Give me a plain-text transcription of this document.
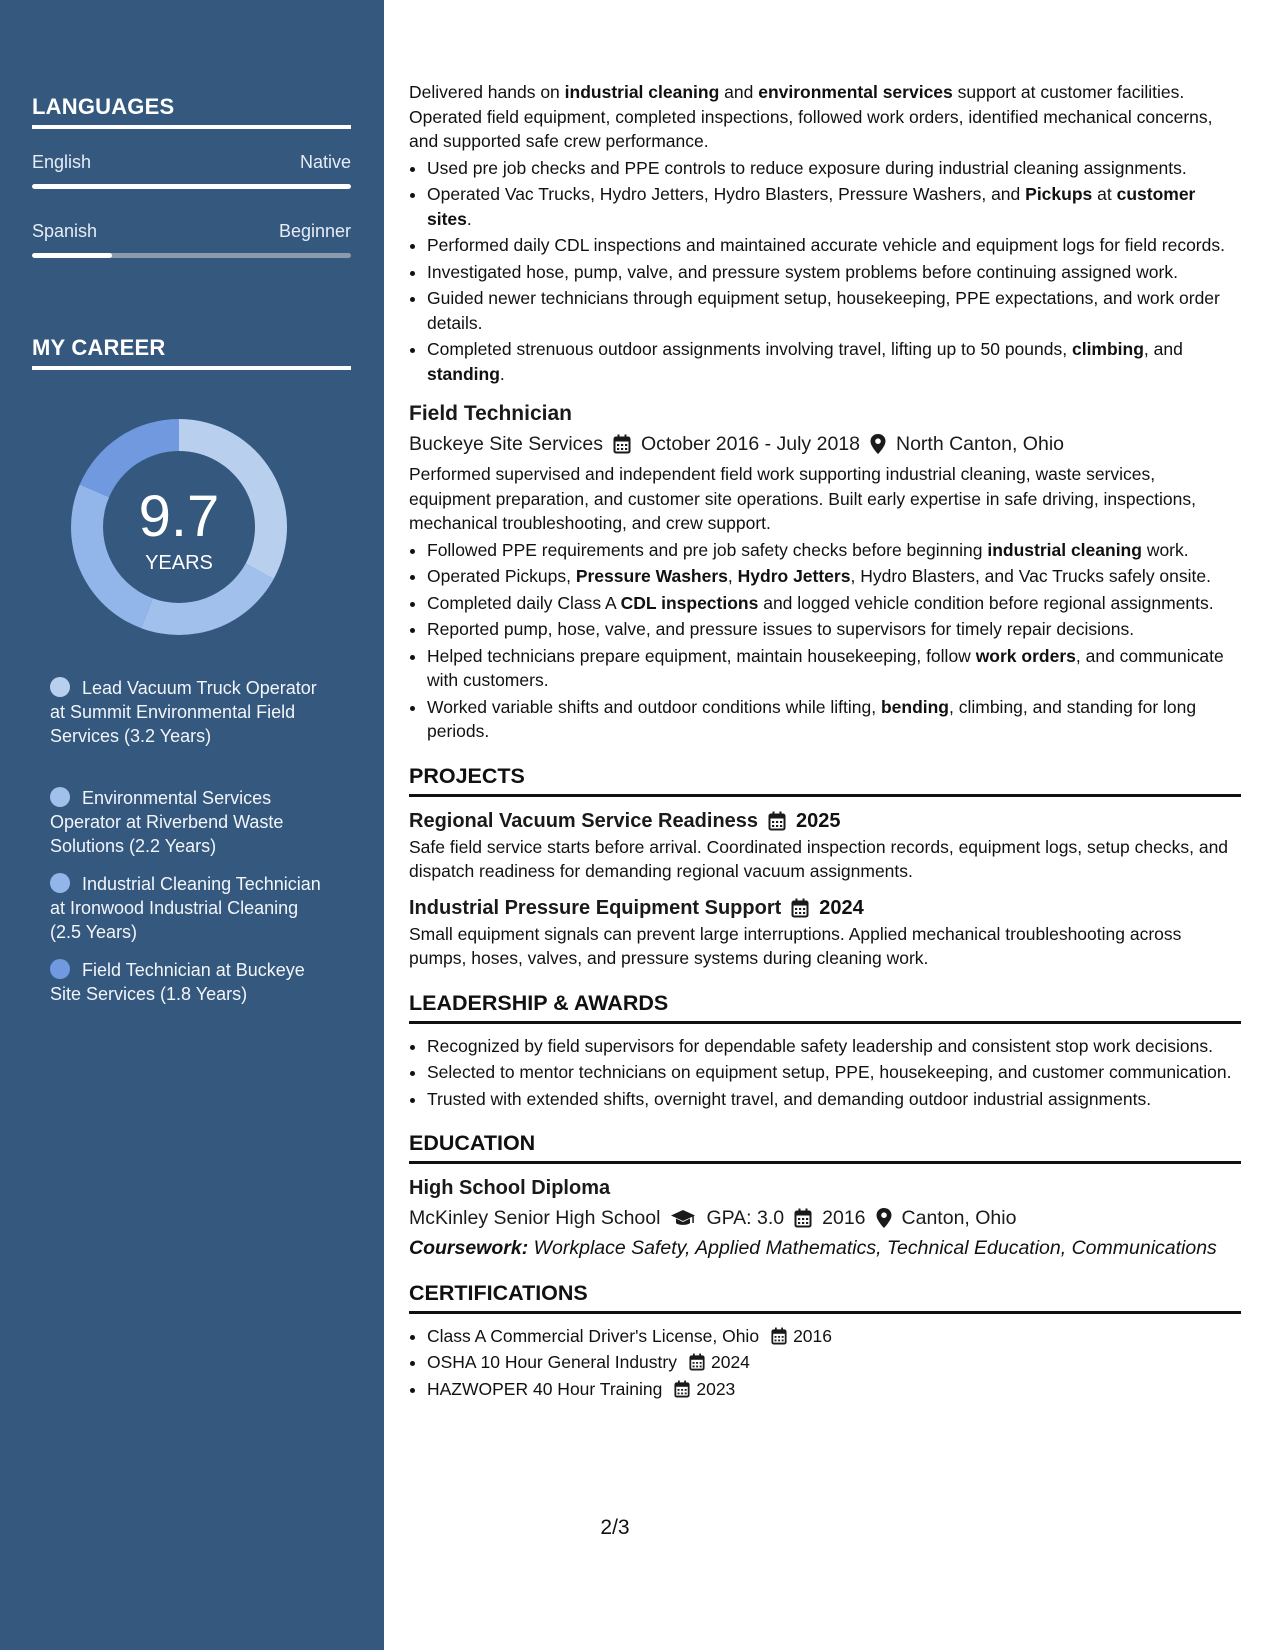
LANGUAGES
English	Native
Spanish	Beginner
MY CAREER
9.7
YEARS
Lead Vacuum Truck Operator at Summit Environmental Field Services (3.2 Years)
Environmental Services Operator at Riverbend Waste Solutions (2.2 Years)
Industrial Cleaning Technician at Ironwood Industrial Cleaning (2.5 Years)
Field Technician at Buckeye Site Services (1.8 Years)

Delivered hands on industrial cleaning and environmental services support at customer facilities. Operated field equipment, completed inspections, followed work orders, identified mechanical concerns, and supported safe crew performance.

• Used pre job checks and PPE controls to reduce exposure during industrial cleaning assignments.
• Operated Vac Trucks, Hydro Jetters, Hydro Blasters, Pressure Washers, and Pickups at customer sites.
• Performed daily CDL inspections and maintained accurate vehicle and equipment logs for field records.
• Investigated hose, pump, valve, and pressure system problems before continuing assigned work.
• Guided newer technicians through equipment setup, housekeeping, PPE expectations, and work order details.
• Completed strenuous outdoor assignments involving travel, lifting up to 50 pounds, climbing, and standing.
Field Technician
Buckeye Site Services October 2016 - July 2018 North Canton, Ohio

Performed supervised and independent field work supporting industrial cleaning, waste services, equipment preparation, and customer site operations. Built early expertise in safe driving, inspections, mechanical troubleshooting, and crew support.

• Followed PPE requirements and pre job safety checks before beginning industrial cleaning work.
• Operated Pickups, Pressure Washers, Hydro Jetters, Hydro Blasters, and Vac Trucks safely onsite.
• Completed daily Class A CDL inspections and logged vehicle condition before regional assignments.
• Reported pump, hose, valve, and pressure issues to supervisors for timely repair decisions.
• Helped technicians prepare equipment, maintain housekeeping, follow work orders, and communicate with customers.
• Worked variable shifts and outdoor conditions while lifting, bending, climbing, and standing for long periods.
PROJECTS
Regional Vacuum Service Readiness 2025

Safe field service starts before arrival. Coordinated inspection records, equipment logs, setup checks, and dispatch readiness for demanding regional vacuum assignments.

Industrial Pressure Equipment Support 2024

Small equipment signals can prevent large interruptions. Applied mechanical troubleshooting across pumps, hoses, valves, and pressure systems during cleaning work.

LEADERSHIP & AWARDS
• Recognized by field supervisors for dependable safety leadership and consistent stop work decisions.
• Selected to mentor technicians on equipment setup, PPE, housekeeping, and customer communication.
• Trusted with extended shifts, overnight travel, and demanding outdoor industrial assignments.
EDUCATION
High School Diploma
McKinley Senior High School GPA: 3.0 2016 Canton, Ohio
Coursework: Workplace Safety, Applied Mathematics, Technical Education, Communications
CERTIFICATIONS
• Class A Commercial Driver's License, Ohio 2016
• OSHA 10 Hour General Industry 2024
• HAZWOPER 40 Hour Training 2023
2/3
